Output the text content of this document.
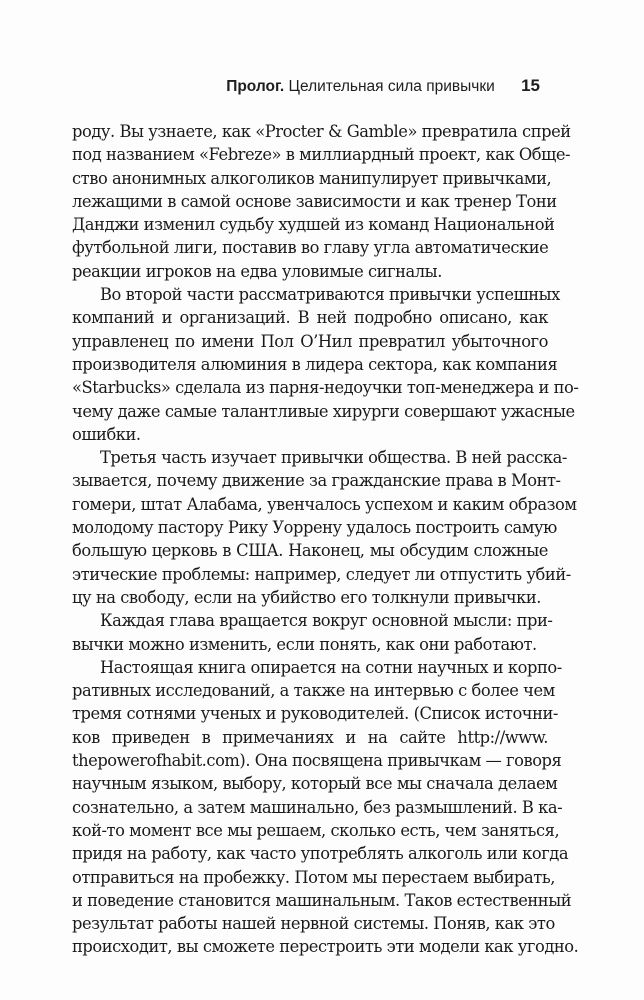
Пролог. Целительная сила привычки 15
роду. Вы узнаете, как «Procter & Gamble» превратила спрей
под названием «Febreze» в миллиардный проект, как Обще-
ство анонимных алкоголиков манипулирует привычками,
лежащими в самой основе зависимости и как тренер Тони
Данджи изменил судьбу худшей из команд Национальной
футбольной лиги, поставив во главу угла автоматические
реакции игроков на едва уловимые сигналы.
Во второй части рассматриваются привычки успешных
компаний и организаций. В ней подробно описано, как
управленец по имени Пол О’Нил превратил убыточного
производителя алюминия в лидера сектора, как компания
«Starbucks» сделала из парня-недоучки топ-менеджера и по-
чему даже самые талантливые хирурги совершают ужасные
ошибки.
Третья часть изучает привычки общества. В ней расска-
зывается, почему движение за гражданские права в Монт-
гомери, штат Алабама, увенчалось успехом и каким образом
молодому пастору Рику Уоррену удалось построить самую
большую церковь в США. Наконец, мы обсудим сложные
этические проблемы: например, следует ли отпустить убий-
цу на свободу, если на убийство его толкнули привычки.
Каждая глава вращается вокруг основной мысли: при-
вычки можно изменить, если понять, как они работают.
Настоящая книга опирается на сотни научных и корпо-
ративных исследований, а также на интервью с более чем
тремя сотнями ученых и руководителей. (Список источни-
ков приведен в примечаниях и на сайте http://www.
thepowerofhabit.com). Она посвящена привычкам — говоря
научным языком, выбору, который все мы сначала делаем
сознательно, а затем машинально, без размышлений. В ка-
кой-то момент все мы решаем, сколько есть, чем заняться,
придя на работу, как часто употреблять алкоголь или когда
отправиться на пробежку. Потом мы перестаем выбирать,
и поведение становится машинальным. Таков естественный
результат работы нашей нервной системы. Поняв, как это
происходит, вы сможете перестроить эти модели как угодно.
